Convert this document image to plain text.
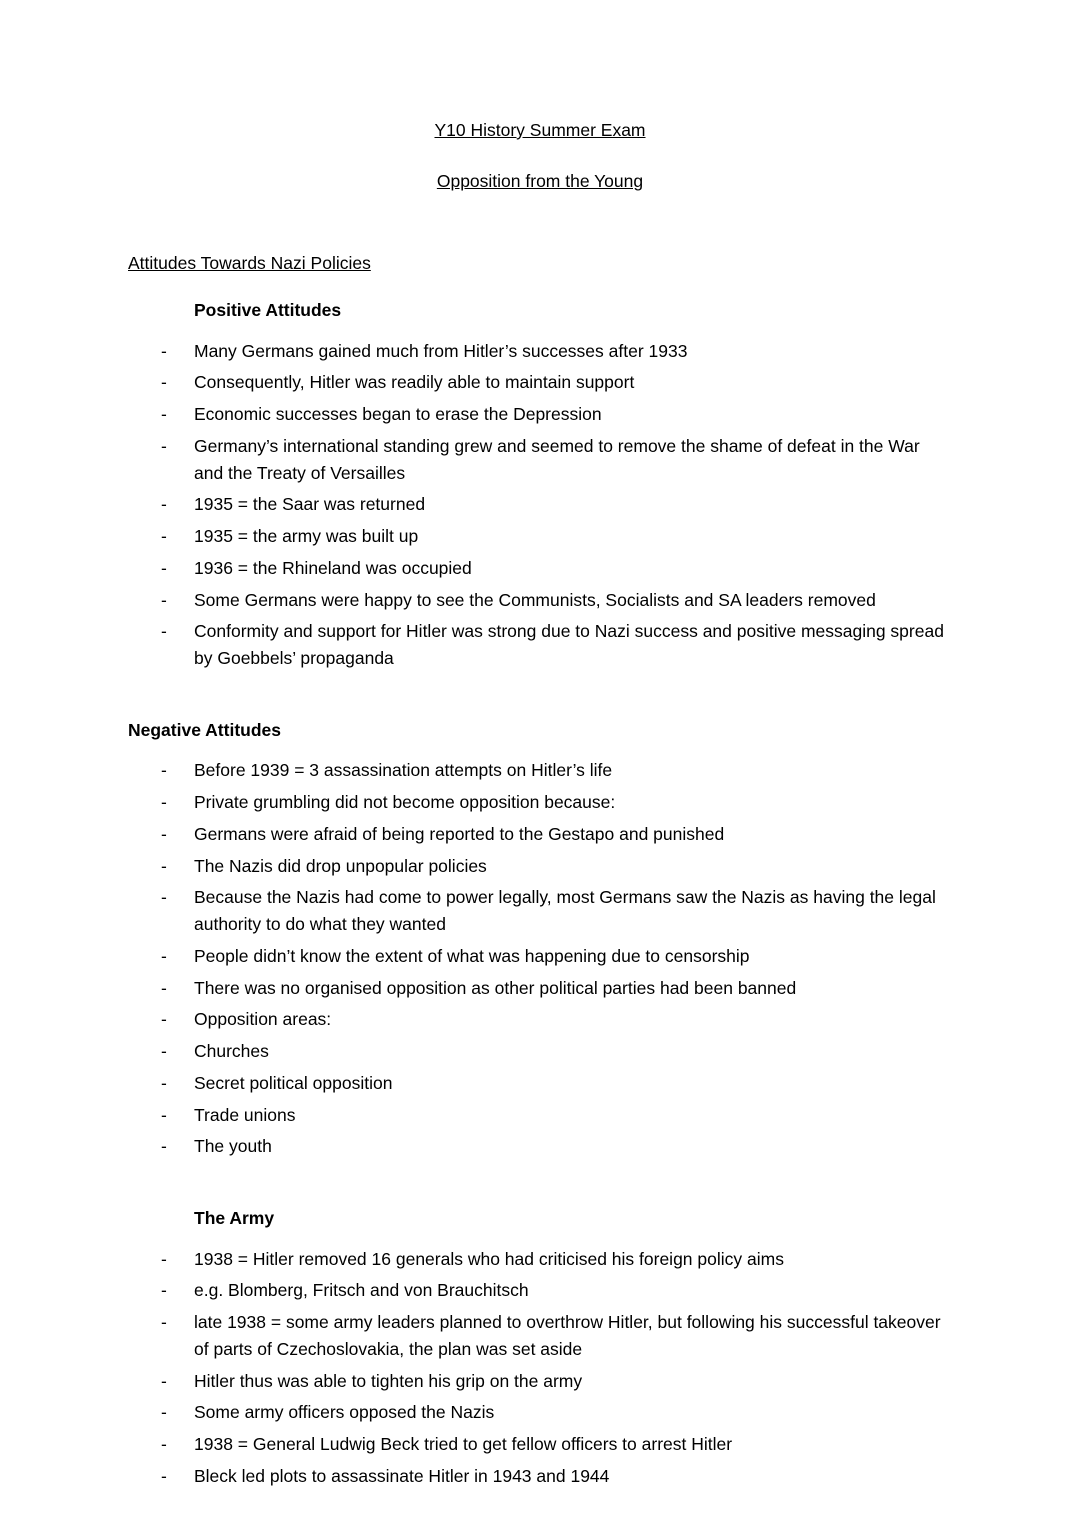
Y10 History Summer Exam
Opposition from the Young
Attitudes Towards Nazi Policies
Positive Attitudes
- Many Germans gained much from Hitler’s successes after 1933
- Consequently, Hitler was readily able to maintain support
- Economic successes began to erase the Depression
- Germany’s international standing grew and seemed to remove the shame of defeat in the War and the Treaty of Versailles
- 1935 = the Saar was returned
- 1935 = the army was built up
- 1936 = the Rhineland was occupied
- Some Germans were happy to see the Communists, Socialists and SA leaders removed
- Conformity and support for Hitler was strong due to Nazi success and positive messaging spread by Goebbels’ propaganda
Negative Attitudes
- Before 1939 = 3 assassination attempts on Hitler’s life
- Private grumbling did not become opposition because:
- Germans were afraid of being reported to the Gestapo and punished
- The Nazis did drop unpopular policies
- Because the Nazis had come to power legally, most Germans saw the Nazis as having the legal authority to do what they wanted
- People didn’t know the extent of what was happening due to censorship
- There was no organised opposition as other political parties had been banned
- Opposition areas:
- Churches
- Secret political opposition
- Trade unions
- The youth
The Army
- 1938 = Hitler removed 16 generals who had criticised his foreign policy aims
- e.g. Blomberg, Fritsch and von Brauchitsch
- late 1938 = some army leaders planned to overthrow Hitler, but following his successful takeover of parts of Czechoslovakia, the plan was set aside
- Hitler thus was able to tighten his grip on the army
- Some army officers opposed the Nazis
- 1938 = General Ludwig Beck tried to get fellow officers to arrest Hitler
- Bleck led plots to assassinate Hitler in 1943 and 1944
